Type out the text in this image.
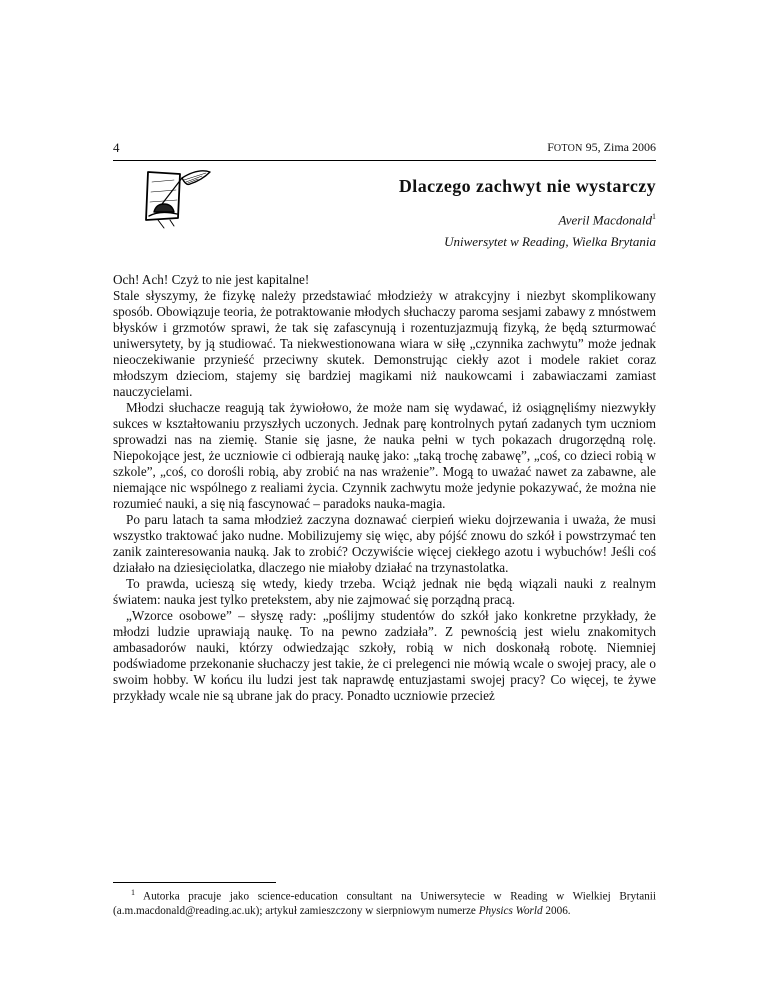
4	FOTON 95, Zima 2006
Dlaczego zachwyt nie wystarczy
Averil Macdonald$^1$
Uniwersytet w Reading, Wielka Brytania

Och! Ach! Czyż to nie jest kapitalne!

Stale słyszymy, że fizykę należy przedstawiać młodzieży w atrakcyjny i niezbyt skomplikowany sposób. Obowiązuje teoria, że potraktowanie młodych słuchaczy paroma sesjami zabawy z mnóstwem błysków i grzmotów sprawi, że tak się zafascynują i rozentuzjazmują fizyką, że będą szturmować uniwersytety, by ją studiować. Ta niekwestionowana wiara w siłę „czynnika zachwytu” może jednak nieoczekiwanie przynieść przeciwny skutek. Demonstrując ciekły azot i modele rakiet coraz młodszym dzieciom, stajemy się bardziej magikami niż naukowcami i zabawiaczami zamiast nauczycielami.

Młodzi słuchacze reagują tak żywiołowo, że może nam się wydawać, iż osiągnęliśmy niezwykły sukces w kształtowaniu przyszłych uczonych. Jednak parę kontrolnych pytań zadanych tym uczniom sprowadzi nas na ziemię. Stanie się jasne, że nauka pełni w tych pokazach drugorzędną rolę. Niepokojące jest, że uczniowie ci odbierają naukę jako: „taką trochę zabawę”, „coś, co dzieci robią w szkole”, „coś, co dorośli robią, aby zrobić na nas wrażenie”. Mogą to uważać nawet za zabawne, ale niemające nic wspólnego z realiami życia. Czynnik zachwytu może jedynie pokazywać, że można nie rozumieć nauki, a się nią fascynować – paradoks nauka-magia.

Po paru latach ta sama młodzież zaczyna doznawać cierpień wieku dojrzewania i uważa, że musi wszystko traktować jako nudne. Mobilizujemy się więc, aby pójść znowu do szkół i powstrzymać ten zanik zainteresowania nauką. Jak to zrobić? Oczywiście więcej ciekłego azotu i wybuchów! Jeśli coś działało na dziesięciolatka, dlaczego nie miałoby działać na trzynastolatka.

To prawda, ucieszą się wtedy, kiedy trzeba. Wciąż jednak nie będą wiązali nauki z realnym światem: nauka jest tylko pretekstem, aby nie zajmować się porządną pracą.

„Wzorce osobowe” – słyszę rady: „poślijmy studentów do szkół jako konkretne przykłady, że młodzi ludzie uprawiają naukę. To na pewno zadziała”. Z pewnością jest wielu znakomitych ambasadorów nauki, którzy odwiedzając szkoły, robią w nich doskonałą robotę. Niemniej podświadome przekonanie słuchaczy jest takie, że ci prelegenci nie mówią wcale o swojej pracy, ale o swoim hobby. W końcu ilu ludzi jest tak naprawdę entuzjastami swojej pracy? Co więcej, te żywe przykłady wcale nie są ubrane jak do pracy. Ponadto uczniowie przecież

$^1$ Autorka pracuje jako science-education consultant na Uniwersytecie w Reading w Wielkiej Brytanii (a.m.macdonald@reading.ac.uk); artykuł zamieszczony w sierpniowym numerze Physics World 2006.
